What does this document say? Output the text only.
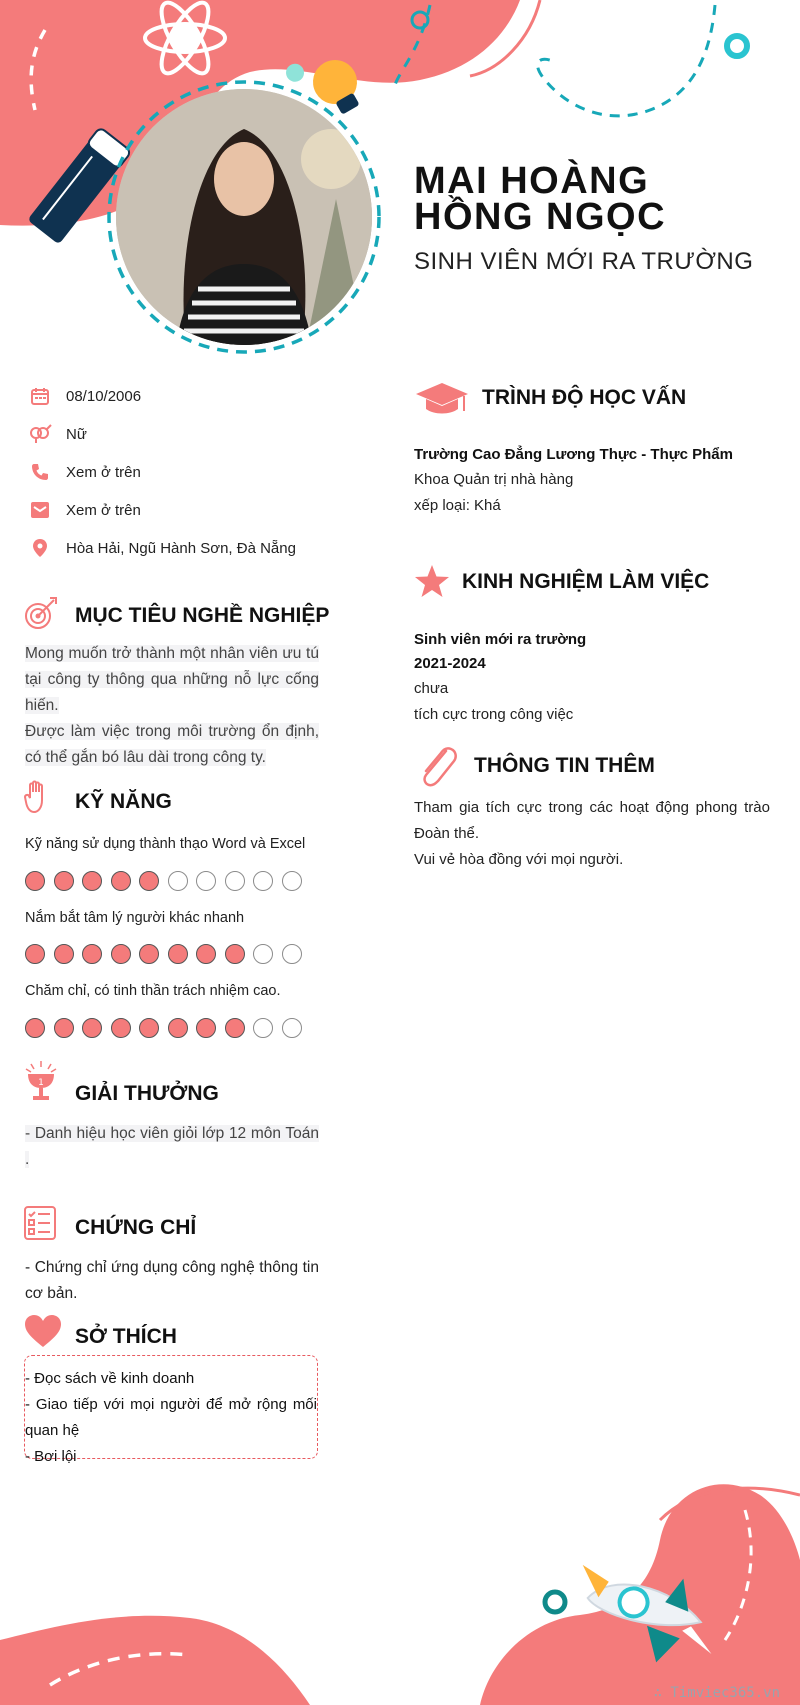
MAI HOÀNG HỒNG NGỌC
SINH VIÊN MỚI RA TRƯỜNG
08/10/2006
Nữ
Xem ở trên
Xem ở trên
Hòa Hải, Ngũ Hành Sơn, Đà Nẵng
MỤC TIÊU NGHỀ NGHIỆP
Mong muốn trở thành một nhân viên ưu tú tại công ty thông qua những nỗ lực cống hiến.
Được làm việc trong môi trường ổn định, có thể gắn bó lâu dài trong công ty.
KỸ NĂNG
Kỹ năng sử dụng thành thạo Word và Excel
Nắm bắt tâm lý người khác nhanh
Chăm chỉ, có tinh thần trách nhiệm cao.
1 GIẢI THƯỞNG
- Danh hiệu học viên giỏi lớp 12 môn Toán .
CHỨNG CHỈ
- Chứng chỉ ứng dụng công nghệ thông tin cơ bản.
SỞ THÍCH
- Đọc sách về kinh doanh
- Giao tiếp với mọi người để mở rộng mối
quan hệ
- Bơi lội
TRÌNH ĐỘ HỌC VẤN
Trường Cao Đẳng Lương Thực - Thực Phẩm
Khoa Quản trị nhà hàng
xếp loại: Khá
KINH NGHIỆM LÀM VIỆC
Sinh viên mới ra trường
2021-2024
chưa
tích cực trong công việc
THÔNG TIN THÊM
Tham gia tích cực trong các hoạt động phong trào Đoàn thể.
Vui vẻ hòa đồng với mọi người.
∴ Timviec365.vn
